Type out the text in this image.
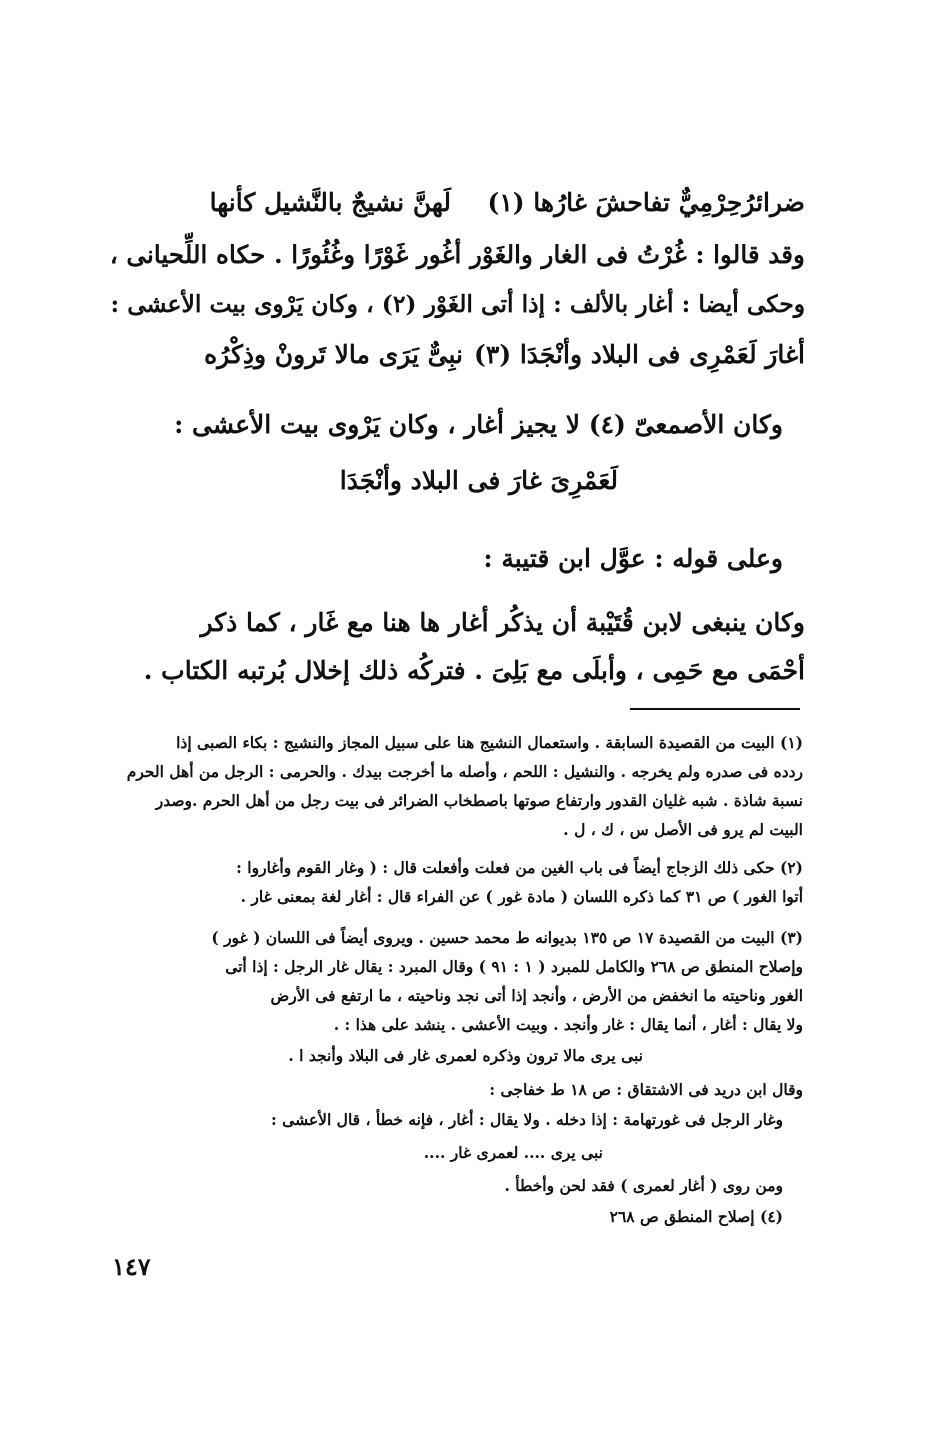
ضرائرُحِرْمِيٌّ تفاحشَ غارُها (١)
لَهنَّ نشيجٌ بالنَّشيل كأنها
وقد قالوا : غُرْتُ فى الغار والغَوْر أغُور غَوْرًا وغُئُورًا . حكاه اللِّحيانى ،
وحكى أيضا : أغار بالألف : إذا أتى الغَوْر (٢) ، وكان يَرْوى بيت الأعشى :
أغارَ لَعَمْرِى فى البلاد وأنْجَدَا (٣)
نبِىٌّ يَرَى مالا تَرونْ وذِكْرُه
وكان الأصمعىّ (٤) لا يجيز أغار ، وكان يَرْوى بيت الأعشى :
لَعَمْرِىَ غارَ فى البلاد وأنْجَدَا
وعلى قوله : عوَّل ابن قتيبة :
وكان ينبغى لابن قُتَيْبة أن يذكُر أغار ها هنا مع غَار ، كما ذكر
أحْمَى مع حَمِى ، وأبلَى مع بَلِىَ . فتركُه ذلك إخلال بُرتبه الكتاب .
(١) البيت من القصيدة السابقة . واستعمال النشيج هنا على سبيل المجاز والنشيج : بكاء الصبى إذا
ردده فى صدره ولم يخرجه . والنشيل : اللحم ، وأصله ما أخرجت بيدك . والحرمى : الرجل من أهل الحرم
نسبة شاذة . شبه غليان القدور وارتفاع صوتها باصطخاب الضرائر فى بيت رجل من أهل الحرم .وصدر
البيت لم يرو فى الأصل س ، ك ، ل .
(٢) حكى ذلك الزجاج أيضاً فى باب الغين من فعلت وأفعلت قال : ( وغار القوم وأغاروا :
أتوا الغور ) ص ٣١ كما ذكره اللسان ( مادة غور ) عن الفراء قال : أغار لغة بمعنى غار .
(٣) البيت من القصيدة ١٧ ص ١٣٥ بديوانه ط محمد حسين . ويروى أيضاً فى اللسان ( غور )
وإصلاح المنطق ص ٢٦٨ والكامل للمبرد ( ١ : ٩١ ) وقال المبرد : يقال غار الرجل : إذا أتى
الغور وناحيته ما انخفض من الأرض ، وأنجد إذا أتى نجد وناحيته ، ما ارتفع فى الأرض
ولا يقال : أغار ، أنما يقال : غار وأنجد . وبيت الأعشى . ينشد على هذا : .
نبى يرى مالا ترون وذكره لعمرى غار فى البلاد وأنجد ا .
وقال ابن دريد فى الاشتقاق : ص ١٨ ط خفاجى :
وغار الرجل فى غورتهامة : إذا دخله . ولا يقال : أغار ، فإنه خطأ ، قال الأعشى :
نبى يرى .... لعمرى غار ....
ومن روى ( أغار لعمرى ) فقد لحن وأخطأ .
(٤) إصلاح المنطق ص ٢٦٨
١٤٧
